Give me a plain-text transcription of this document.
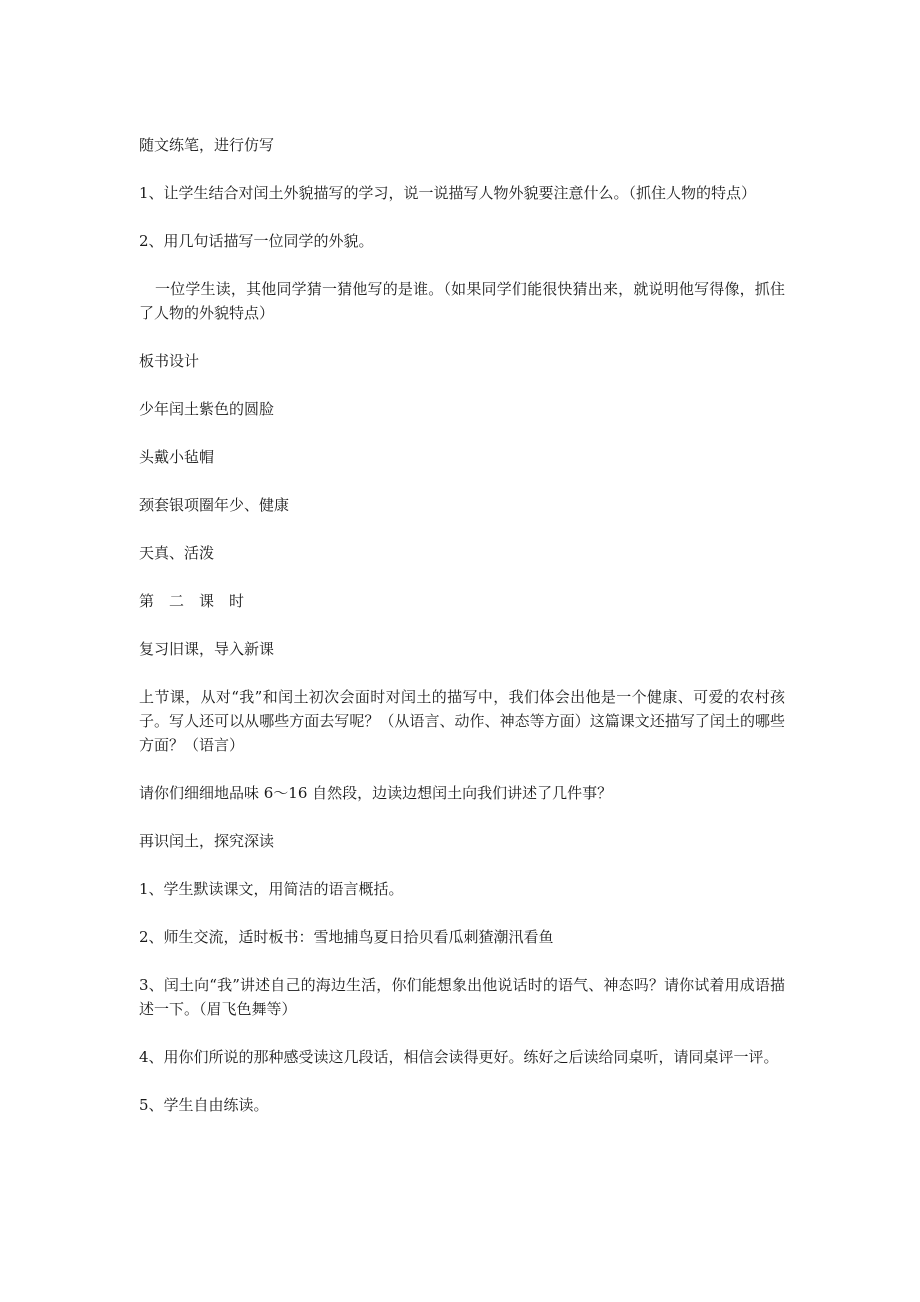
随文练笔，进行仿写

1、让学生结合对闰土外貌描写的学习，说一说描写人物外貌要注意什么。（抓住人物的特点）

2、用几句话描写一位同学的外貌。

一位学生读，其他同学猜一猜他写的是谁。（如果同学们能很快猜出来，就说明他写得像，抓住了人物的外貌特点）

板书设计

少年闰土紫色的圆脸

头戴小毡帽

颈套银项圈年少、健康

天真、活泼

第二课时

复习旧课，导入新课

上节课，从对“我”和闰土初次会面时对闰土的描写中，我们体会出他是一个健康、可爱的农村孩子。写人还可以从哪些方面去写呢？（从语言、动作、神态等方面）这篇课文还描写了闰土的哪些方面？（语言）

请你们细细地品味 6～16 自然段，边读边想闰土向我们讲述了几件事？

再识闰土，探究深读

1、学生默读课文，用简洁的语言概括。

2、师生交流，适时板书：雪地捕鸟夏日拾贝看瓜刺猹潮汛看鱼

3、闰土向“我”讲述自己的海边生活，你们能想象出他说话时的语气、神态吗？请你试着用成语描述一下。（眉飞色舞等）

4、用你们所说的那种感受读这几段话，相信会读得更好。练好之后读给同桌听，请同桌评一评。

5、学生自由练读。
